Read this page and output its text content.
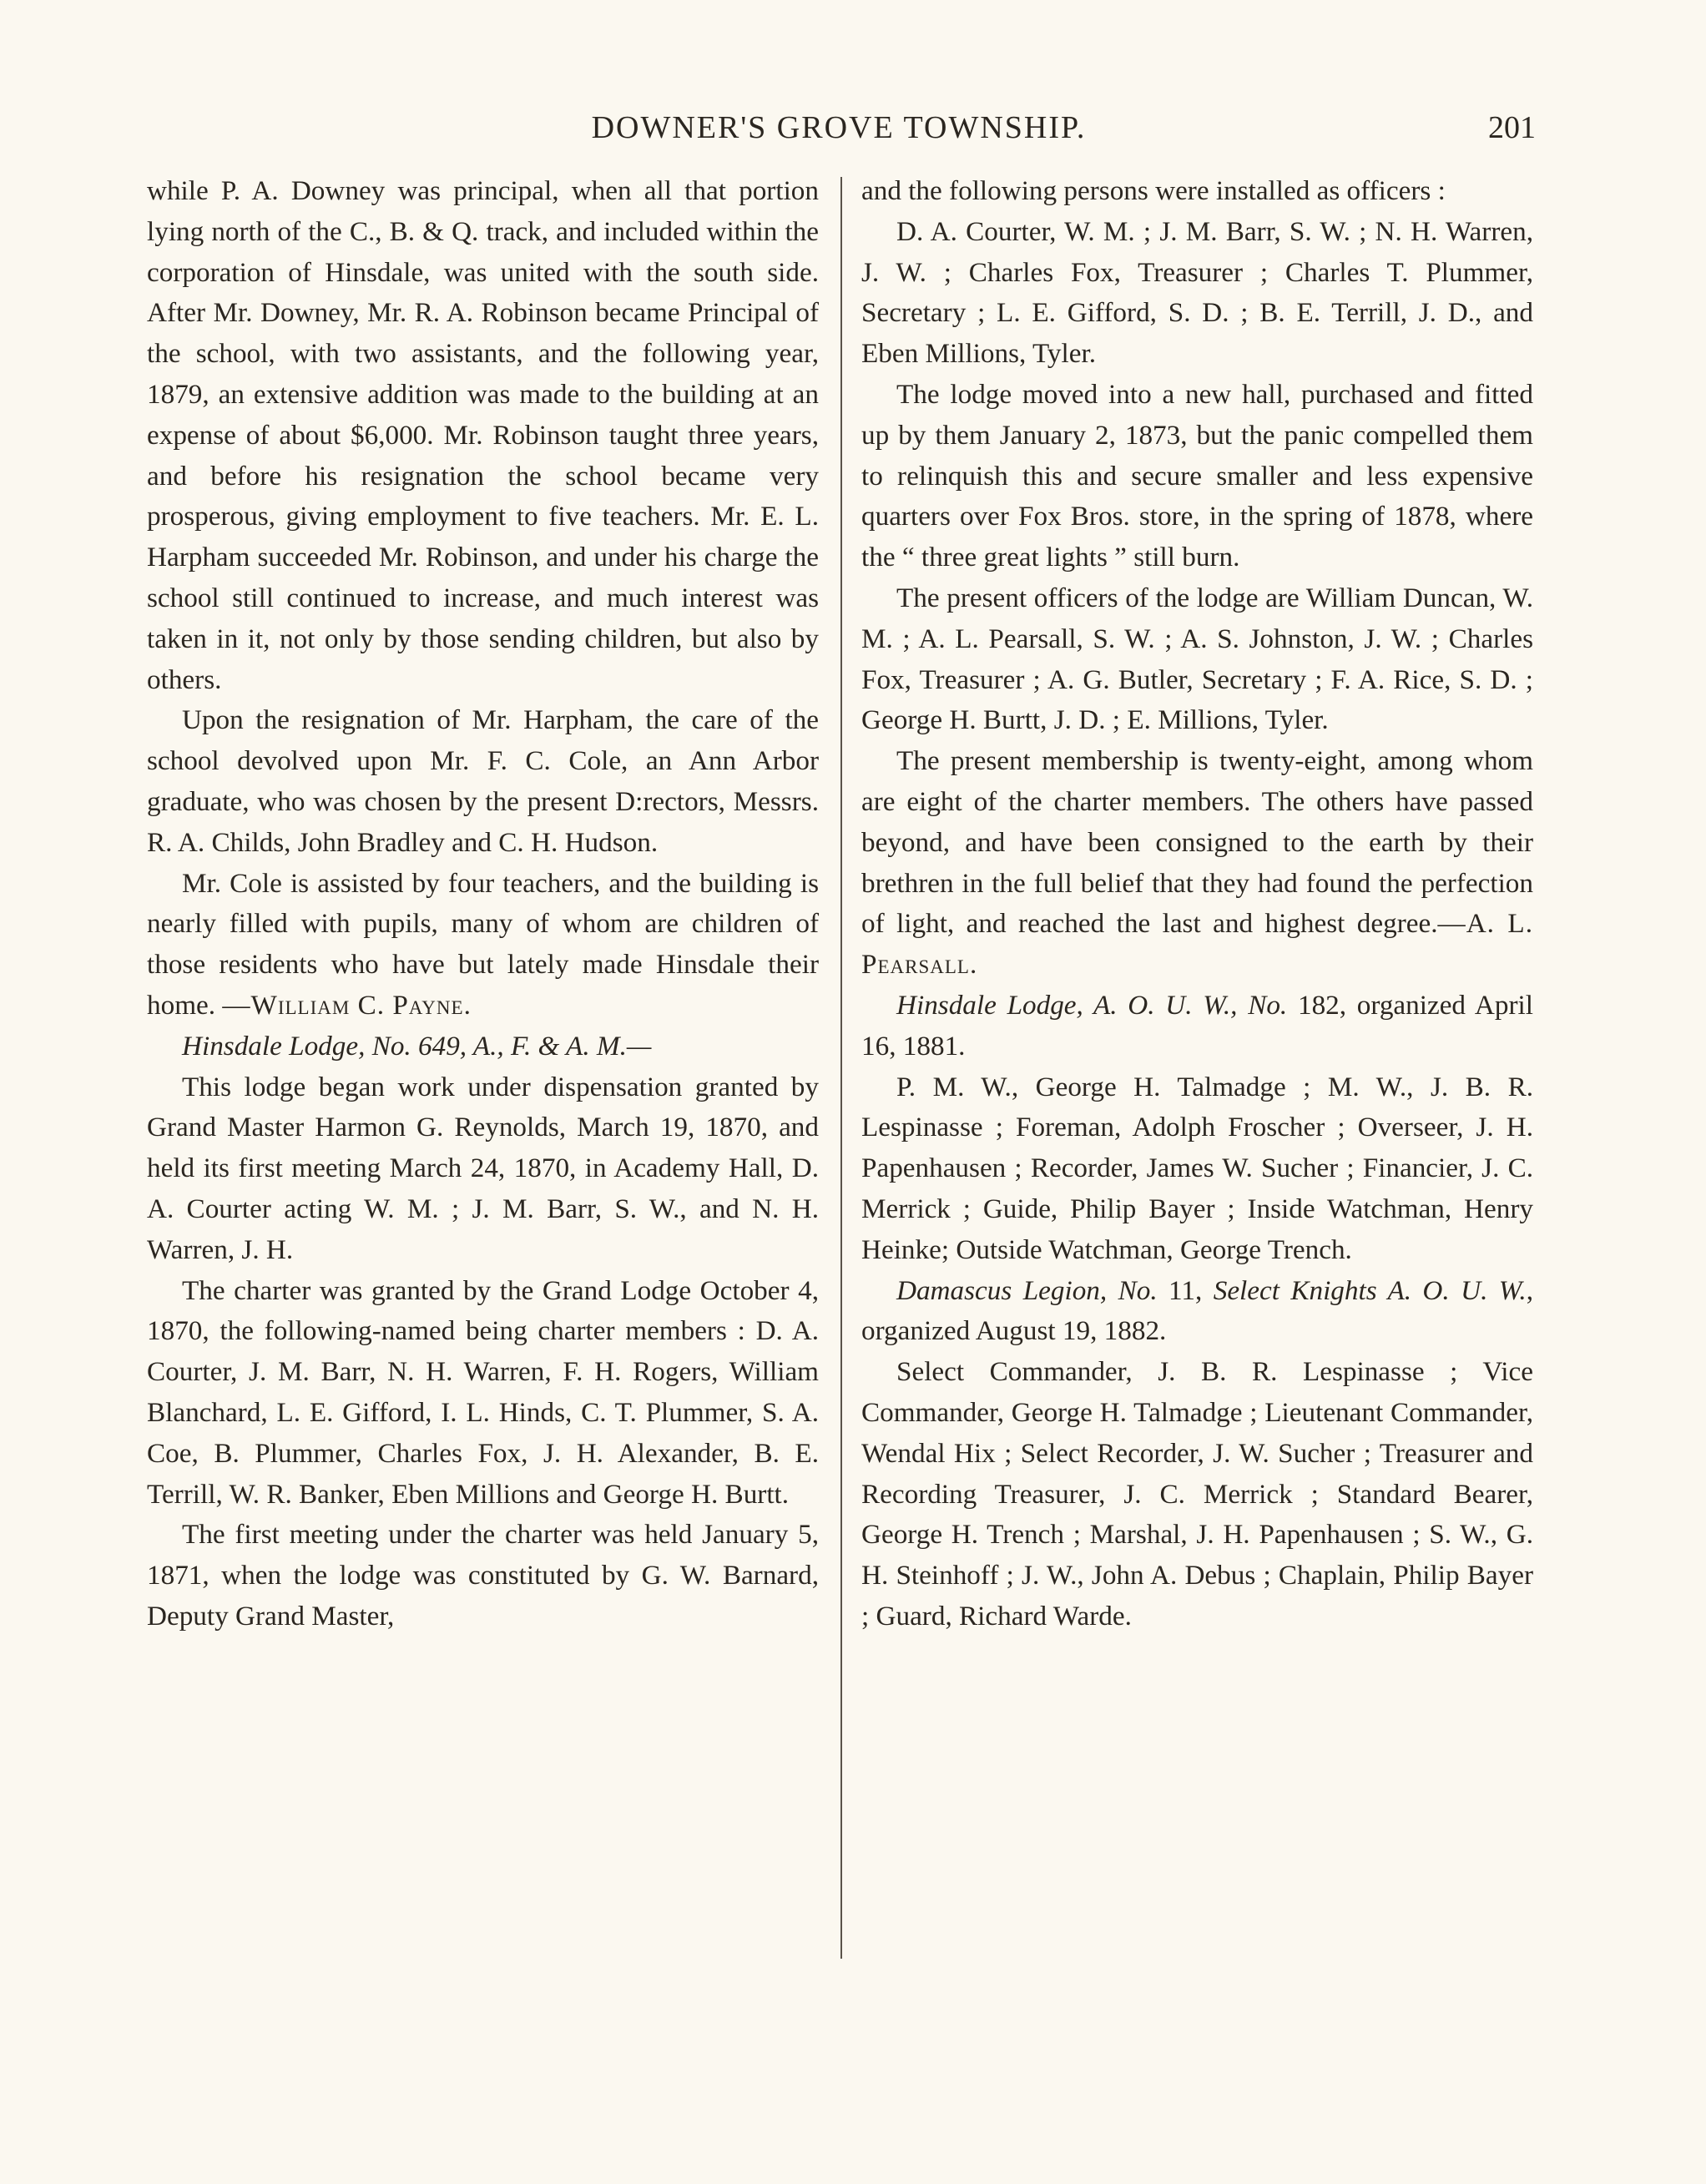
DOWNER'S GROVE TOWNSHIP.	201

while P. A. Downey was principal, when all that portion lying north of the C., B. & Q. track, and included within the corporation of Hinsdale, was united with the south side. After Mr. Downey, Mr. R. A. Robinson became Principal of the school, with two assistants, and the following year, 1879, an extensive addition was made to the building at an expense of about $6,000. Mr. Robinson taught three years, and before his resignation the school became very prosperous, giving employment to five teachers. Mr. E. L. Harpham succeeded Mr. Robinson, and under his charge the school still continued to increase, and much interest was taken in it, not only by those sending children, but also by others.

Upon the resignation of Mr. Harpham, the care of the school devolved upon Mr. F. C. Cole, an Ann Arbor graduate, who was chosen by the present D:rectors, Messrs. R. A. Childs, John Bradley and C. H. Hudson.

Mr. Cole is assisted by four teachers, and the building is nearly filled with pupils, many of whom are children of those residents who have but lately made Hinsdale their home. —William C. Payne.

Hinsdale Lodge, No. 649, A., F. & A. M.—

This lodge began work under dispensation granted by Grand Master Harmon G. Reynolds, March 19, 1870, and held its first meeting March 24, 1870, in Academy Hall, D. A. Courter acting W. M. ; J. M. Barr, S. W., and N. H. Warren, J. H.

The charter was granted by the Grand Lodge October 4, 1870, the following-named being charter members : D. A. Courter, J. M. Barr, N. H. Warren, F. H. Rogers, William Blanchard, L. E. Gifford, I. L. Hinds, C. T. Plummer, S. A. Coe, B. Plummer, Charles Fox, J. H. Alexander, B. E. Terrill, W. R. Banker, Eben Millions and George H. Burtt.

The first meeting under the charter was held January 5, 1871, when the lodge was constituted by G. W. Barnard, Deputy Grand Master,

and the following persons were installed as officers :

D. A. Courter, W. M. ; J. M. Barr, S. W. ; N. H. Warren, J. W. ; Charles Fox, Treasurer ; Charles T. Plummer, Secretary ; L. E. Gifford, S. D. ; B. E. Terrill, J. D., and Eben Millions, Tyler.

The lodge moved into a new hall, purchased and fitted up by them January 2, 1873, but the panic compelled them to relinquish this and secure smaller and less expensive quarters over Fox Bros. store, in the spring of 1878, where the “ three great lights ” still burn.

The present officers of the lodge are William Duncan, W. M. ; A. L. Pearsall, S. W. ; A. S. Johnston, J. W. ; Charles Fox, Treasurer ; A. G. Butler, Secretary ; F. A. Rice, S. D. ; George H. Burtt, J. D. ; E. Millions, Tyler.

The present membership is twenty-eight, among whom are eight of the charter members. The others have passed beyond, and have been consigned to the earth by their brethren in the full belief that they had found the perfection of light, and reached the last and highest degree.—A. L. Pearsall.

Hinsdale Lodge, A. O. U. W., No. 182, organized April 16, 1881.

P. M. W., George H. Talmadge ; M. W., J. B. R. Lespinasse ; Foreman, Adolph Froscher ; Overseer, J. H. Papenhausen ; Recorder, James W. Sucher ; Financier, J. C. Merrick ; Guide, Philip Bayer ; Inside Watchman, Henry Heinke; Outside Watchman, George Trench.

Damascus Legion, No. 11, Select Knights A. O. U. W., organized August 19, 1882.

Select Commander, J. B. R. Lespinasse ; Vice Commander, George H. Talmadge ; Lieutenant Commander, Wendal Hix ; Select Recorder, J. W. Sucher ; Treasurer and Recording Treasurer, J. C. Merrick ; Standard Bearer, George H. Trench ; Marshal, J. H. Papenhausen ; S. W., G. H. Steinhoff ; J. W., John A. Debus ; Chaplain, Philip Bayer ; Guard, Richard Warde.
